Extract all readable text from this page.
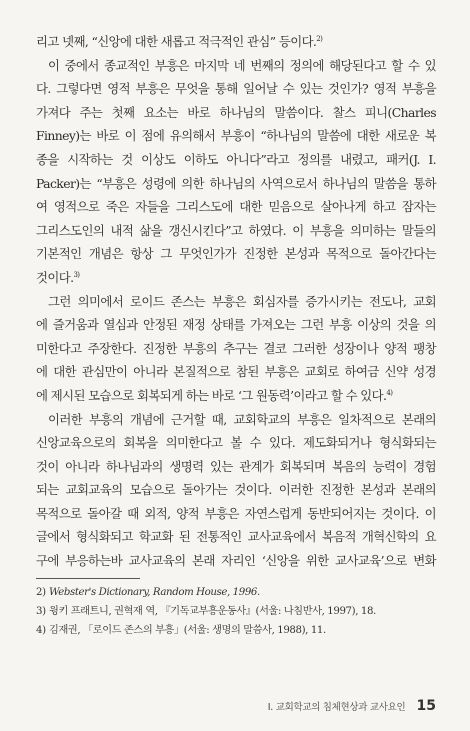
리고 넷째, “신앙에 대한 새롭고 적극적인 관심” 등이다.$^{2)}$

이 중에서 종교적인 부흥은 마지막 네 번째의 정의에 해당된다고 할 수 있

다. 그렇다면 영적 부흥은 무엇을 통해 일어날 수 있는 것인가? 영적 부흥을

가져다 주는 첫째 요소는 바로 하나님의 말씀이다. 찰스 피니(Charles

Finney)는 바로 이 점에 유의해서 부흥이 “하나님의 말씀에 대한 새로운 복

종을 시작하는 것 이상도 이하도 아니다”라고 정의를 내렸고, 패커(J. I.

Packer)는 “부흥은 성령에 의한 하나님의 사역으로서 하나님의 말씀을 통하

여 영적으로 죽은 자들을 그리스도에 대한 믿음으로 살아나게 하고 잠자는

그리스도인의 내적 삶을 갱신시킨다”고 하였다. 이 부흥을 의미하는 말들의

기본적인 개념은 항상 그 무엇인가가 진정한 본성과 목적으로 돌아간다는

것이다.$^{3)}$

그런 의미에서 로이드 존스는 부흥은 회심자를 증가시키는 전도나, 교회

에 즐거움과 열심과 안정된 재정 상태를 가져오는 그런 부흥 이상의 것을 의

미한다고 주장한다. 진정한 부흥의 추구는 결코 그러한 성장이나 양적 팽창

에 대한 관심만이 아니라 본질적으로 참된 부흥은 교회로 하여금 신약 성경

에 제시된 모습으로 회복되게 하는 바로 ‘그 원동력’이라고 할 수 있다.$^{4)}$

이러한 부흥의 개념에 근거할 때, 교회학교의 부흥은 일차적으로 본래의

신앙교육으로의 회복을 의미한다고 볼 수 있다. 제도화되거나 형식화되는

것이 아니라 하나님과의 생명력 있는 관계가 회복되며 복음의 능력이 경험

되는 교회교육의 모습으로 돌아가는 것이다. 이러한 진정한 본성과 본래의

목적으로 돌아갈 때 외적, 양적 부흥은 자연스럽게 동반되어지는 것이다. 이

글에서 형식화되고 학교화 된 전통적인 교사교육에서 복음적 개혁신학의 요

구에 부응하는바 교사교육의 본래 자리인 ‘신앙을 위한 교사교육’으로 변화

2) Webster's Dictionary, Random House, 1996.
3) 윙키 프래트니, 권혁재 역, 『기독교부흥운동사』(서울: 나침반사, 1997), 18.
4) 김재권, 「로이드 존스의 부흥」(서울: 생명의 말씀사, 1988), 11.
I. 교회학교의 침체현상과 교사요인 15
